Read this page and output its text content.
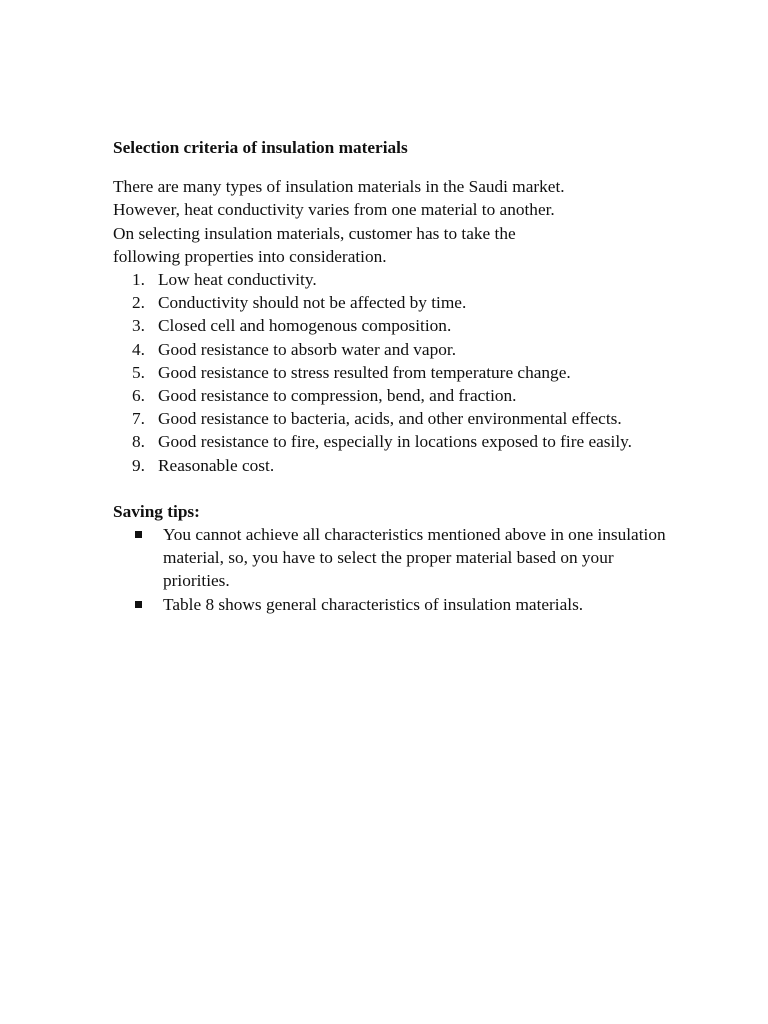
Selection criteria of insulation materials
There are many types of insulation materials in the Saudi market.
However, heat conductivity varies from one material to another.
On selecting insulation materials, customer has to take the
following properties into consideration.
1. Low heat conductivity.
2. Conductivity should not be affected by time.
3. Closed cell and homogenous composition.
4. Good resistance to absorb water and vapor.
5. Good resistance to stress resulted from temperature change.
6. Good resistance to compression, bend, and fraction.
7. Good resistance to bacteria, acids, and other environmental effects.
8. Good resistance to fire, especially in locations exposed to fire easily.
9. Reasonable cost.
Saving tips:
You cannot achieve all characteristics mentioned above in one insulation material, so, you have to select the proper material based on your priorities.
Table 8 shows general characteristics of insulation materials.
